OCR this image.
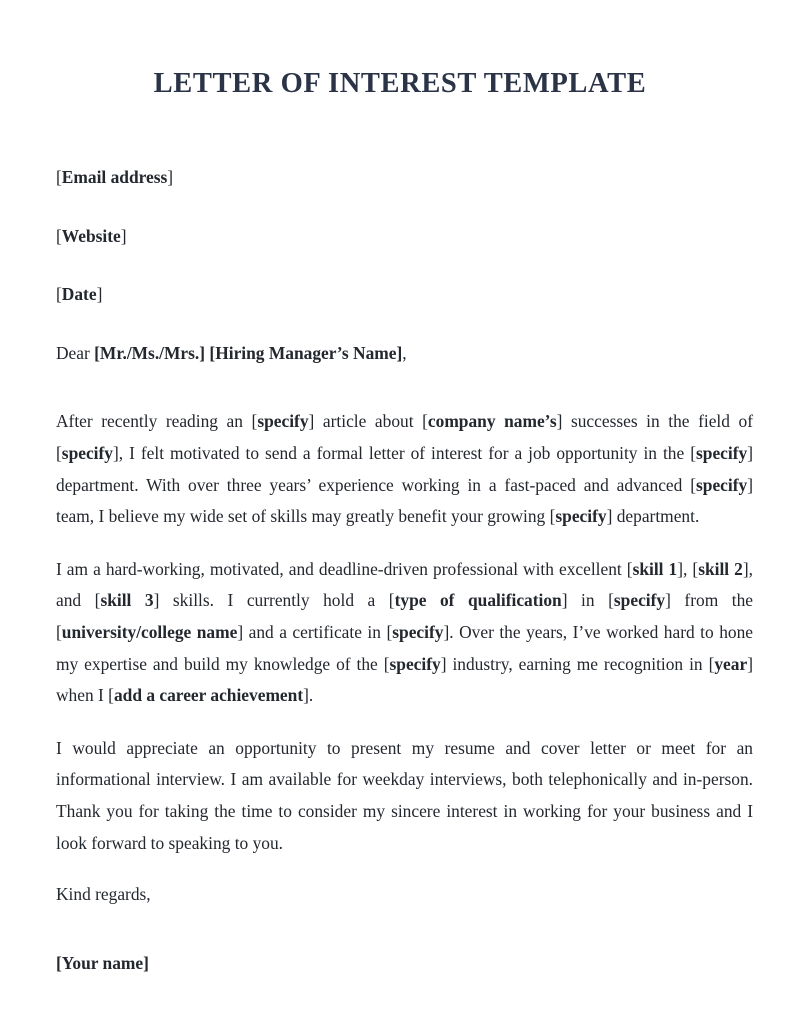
LETTER OF INTEREST TEMPLATE

[Email address]

[Website]

[Date]

Dear [Mr./Ms./Mrs.] [Hiring Manager’s Name],

After recently reading an [specify] article about [company name’s] successes in the field of [specify], I felt motivated to send a formal letter of interest for a job opportunity in the [specify] department. With over three years’ experience working in a fast-paced and advanced [specify] team, I believe my wide set of skills may greatly benefit your growing [specify] department.

I am a hard-working, motivated, and deadline-driven professional with excellent [skill 1], [skill 2], and [skill 3] skills. I currently hold a [type of qualification] in [specify] from the [university/college name] and a certificate in [specify]. Over the years, I’ve worked hard to hone my expertise and build my knowledge of the [specify] industry, earning me recognition in [year] when I [add a career achievement].

I would appreciate an opportunity to present my resume and cover letter or meet for an informational interview. I am available for weekday interviews, both telephonically and in-person. Thank you for taking the time to consider my sincere interest in working for your business and I look forward to speaking to you.

Kind regards,

[Your name]
